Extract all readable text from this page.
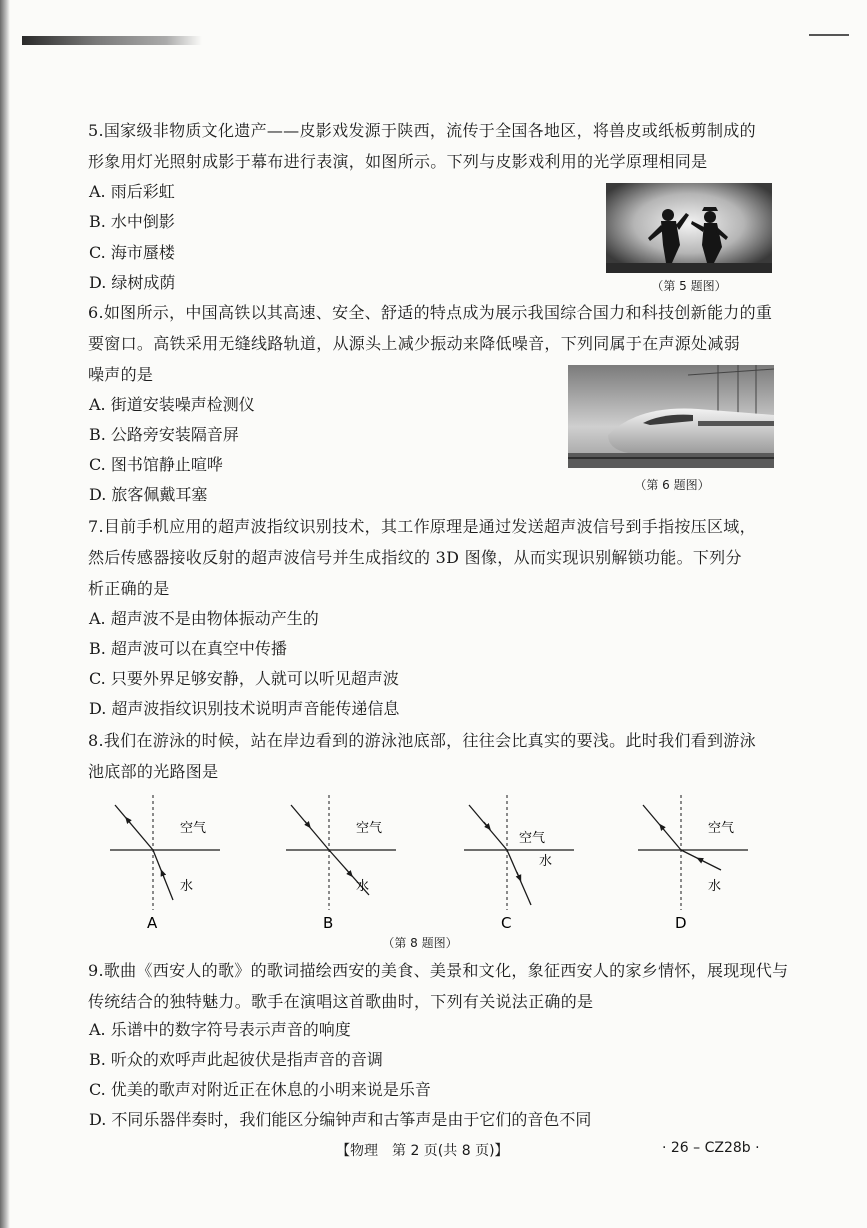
5.国家级非物质文化遗产——皮影戏发源于陕西，流传于全国各地区，将兽皮或纸板剪制成的
形象用灯光照射成影于幕布进行表演，如图所示。下列与皮影戏利用的光学原理相同是
A. 雨后彩虹
B. 水中倒影
C. 海市蜃楼
D. 绿树成荫	（第 5 题图）
6.如图所示，中国高铁以其高速、安全、舒适的特点成为展示我国综合国力和科技创新能力的重
要窗口。高铁采用无缝线路轨道，从源头上减少振动来降低噪音，下列同属于在声源处减弱
噪声的是
A. 街道安装噪声检测仪
B. 公路旁安装隔音屏
C. 图书馆静止喧哗
D. 旅客佩戴耳塞	（第 6 题图）
7.目前手机应用的超声波指纹识别技术，其工作原理是通过发送超声波信号到手指按压区域，
然后传感器接收反射的超声波信号并生成指纹的 3D 图像，从而实现识别解锁功能。下列分
析正确的是
A. 超声波不是由物体振动产生的
B. 超声波可以在真空中传播
C. 只要外界足够安静，人就可以听见超声波
D. 超声波指纹识别技术说明声音能传递信息
8.我们在游泳的时候，站在岸边看到的游泳池底部，往往会比真实的要浅。此时我们看到游泳
池底部的光路图是
空气
水
A
空气
水
B
空气
水
C
空气
水
D
（第 8 题图）
9.歌曲《西安人的歌》的歌词描绘西安的美食、美景和文化，象征西安人的家乡情怀，展现现代与
传统结合的独特魅力。歌手在演唱这首歌曲时，下列有关说法正确的是
A. 乐谱中的数字符号表示声音的响度
B. 听众的欢呼声此起彼伏是指声音的音调
C. 优美的歌声对附近正在休息的小明来说是乐音
D. 不同乐器伴奏时，我们能区分编钟声和古筝声是由于它们的音色不同
【物理　第 2 页(共 8 页)】	· 26 – CZ28b ·
